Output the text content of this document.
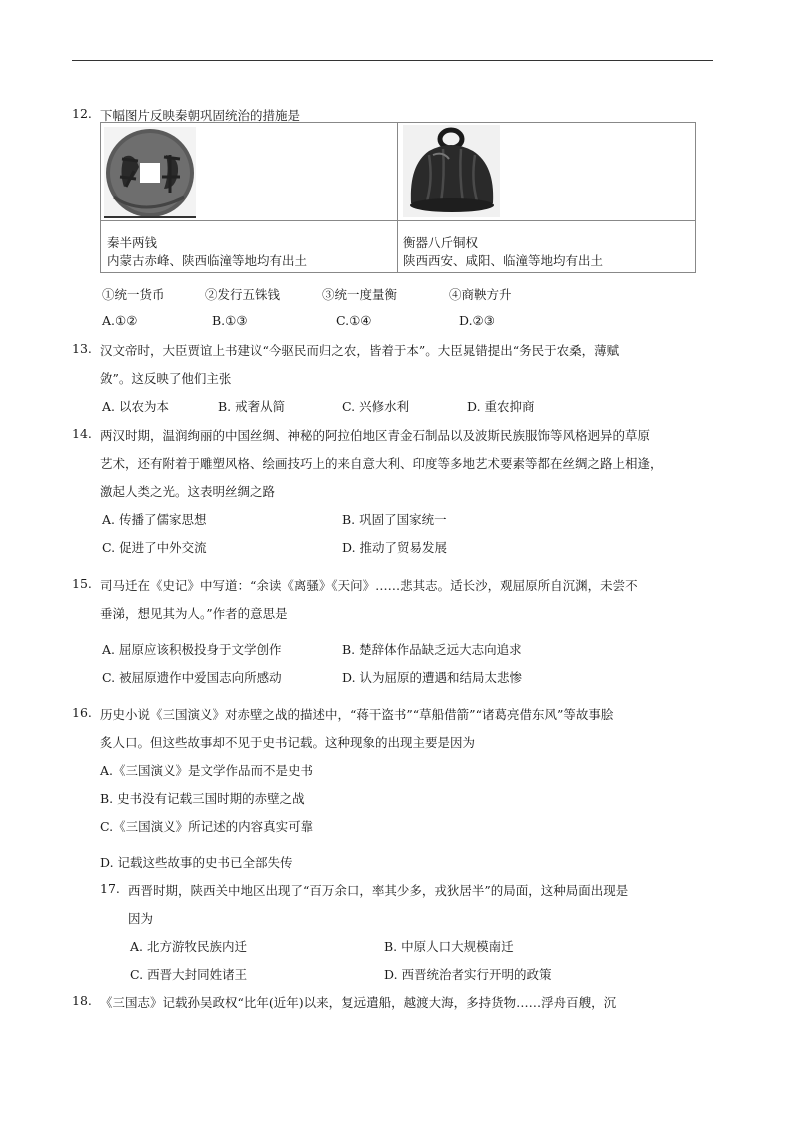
12. 下幅图片反映秦朝巩固统治的措施是
秦半两钱
内蒙古赤峰、陕西临潼等地均有出土
衡器八斤铜权
陕西西安、咸阳、临潼等地均有出土
①统一货币	②发行五铢钱	③统一度量衡	④商鞅方升
A.①②	B.①③	C.①④	D.②③
13. 汉文帝时，大臣贾谊上书建议“今驱民而归之农，皆着于本”。大臣晁错提出“务民于农桑，薄赋
敛”。这反映了他们主张
A. 以农为本	B. 戒奢从简	C. 兴修水利	D. 重农抑商
14. 两汉时期，温润绚丽的中国丝绸、神秘的阿拉伯地区青金石制品以及波斯民族服饰等风格迥异的草原
艺术，还有附着于雕塑风格、绘画技巧上的来自意大利、印度等多地艺术要素等都在丝绸之路上相逢，
激起人类之光。这表明丝绸之路
A. 传播了儒家思想	B. 巩固了国家统一
C. 促进了中外交流	D. 推动了贸易发展
15. 司马迁在《史记》中写道：“余读《离骚》《天问》……悲其志。适长沙，观屈原所自沉渊，未尝不
垂涕，想见其为人。”作者的意思是
A. 屈原应该积极投身于文学创作	B. 楚辞体作品缺乏远大志向追求
C. 被屈原遗作中爱国志向所感动	D. 认为屈原的遭遇和结局太悲惨
16. 历史小说《三国演义》对赤壁之战的描述中，“蒋干盗书”“草船借箭”“诸葛亮借东风”等故事脍
炙人口。但这些故事却不见于史书记载。这种现象的出现主要是因为
A.《三国演义》是文学作品而不是史书
B. 史书没有记载三国时期的赤壁之战
C.《三国演义》所记述的内容真实可靠
D. 记载这些故事的史书已全部失传
17. 西晋时期，陕西关中地区出现了“百万余口，率其少多，戎狄居半”的局面，这种局面出现是
因为
A. 北方游牧民族内迁	B. 中原人口大规模南迁
C. 西晋大封同姓诸王	D. 西晋统治者实行开明的政策
18. 《三国志》记载孙吴政权“比年(近年)以来，复远遣船，越渡大海，多持货物……浮舟百艘，沉
